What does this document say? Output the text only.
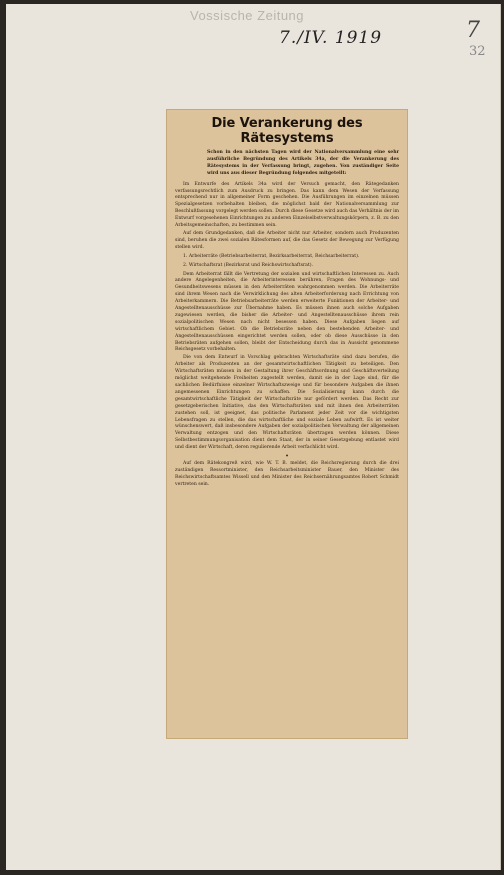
Vossische Zeitung
7./IV. 1919	7
32
Die Verankerung des Rätesystems
Schon in den nächsten Tagen wird der Nationalversammlung eine sehr ausführliche Begründung des Artikels 34a, der die Verankerung des Rätesystems in der Verfassung bringt, zugehen. Von zuständiger Seite wird uns aus dieser Begründung folgendes mitgeteilt:
Im Entwurfe des Artikels 34a wird der Versuch gemacht, den Rätegedanken verfassungsrechtlich zum Ausdruck zu bringen. Das kann dem Wesen der Verfassung entsprechend nur in allgemeiner Form geschehen. Die Ausführungen im einzelnen müssen Spezialgesetzen vorbehalten bleiben, die möglichst bald der Nationalversammlung zur Beschlußfassung vorgelegt werden sollen. Durch diese Gesetze wird auch das Verhältnis der im Entwurf vorgesehenen Einrichtungen zu anderen Einzelselbstverwaltungskörpern, z. B. zu den Arbeitsgemeinschaften, zu bestimmen sein.
Auf dem Grundgedanken, daß die Arbeiter nicht nur Arbeiter, sondern auch Produzenten sind, beruhen die zwei sozialen Rätesformen auf, die das Gesetz der Bewegung zur Verfügung stellen wird.
1. Arbeiterräte (Betriebsarbeiterrat, Bezirksarbeiterrat, Reichsarbeiterrat).
2. Wirtschaftsrat (Bezirksrat und Reichswirtschaftsrat).
Dem Arbeiterrat fällt die Vertretung der sozialen und wirtschaftlichen Interessen zu. Auch andere Angelegenheiten, die Arbeiterinteressen berühren, Fragen des Wohnungs- und Gesundheitswesens müssen in den Arbeiterräten wahrgenommen werden. Die Arbeiterräte sind ihrem Wesen nach die Verwirklichung des alten Arbeiterforderung nach Errichtung von Arbeiterkammern. Die Betriebsarbeiterräte werden erweiterte Funktionen der Arbeiter- und Angestelltenausschüsse zur Übernahme haben. Es müssen ihnen auch solche Aufgaben zugewiesen werden, die bisher die Arbeiter- und Angestelltenausschüsse ihrem rein sozialpolitischen Wesen nach nicht besessen haben. Diese Aufgaben liegen auf wirtschaftlichem Gebiet. Ob die Betriebsräte neben den bestehenden Arbeiter- und Angestelltenausschüssen eingerichtet werden sollen, oder ob diese Ausschüsse in den Betriebsräten aufgehen sollen, bleibt der Entscheidung durch das in Aussicht genommene Reichsgesetz vorbehalten.
Die von dem Entwurf in Vorschlag gebrachten Wirtschaftsräte sind dazu berufen, die Arbeiter als Produzenten an der gesamtwirtschaftlichen Tätigkeit zu beteiligen. Den Wirtschaftsräten müssen in der Gestaltung ihrer Geschäftsordnung und Geschäftsverteilung möglichst weitgehende Freiheiten zugestellt werden, damit sie in der Lage sind, für die sachlichen Bedürfnisse einzelner Wirtschaftszweige und für besondere Aufgaben die ihnen angemessenen Einrichtungen zu schaffen. Die Sozialisierung kann durch die gesamtwirtschaftliche Tätigkeit der Wirtschaftsräte nur gefördert werden. Das Recht zur gesetzgeberischen Initiative, das den Wirtschaftsräten und mit ihnen den Arbeiterräten zustehen soll, ist geeignet, das politische Parlament jeder Zeit vor die wichtigsten Lebensfragen zu stellen, die das wirtschaftliche und soziale Leben aufwirft. Es ist weiter wünschenswert, daß insbesondere Aufgaben der sozialpolitischen Verwaltung der allgemeinen Verwaltung entzogen und den Wirtschaftsräten übertragen werden können. Diese Selbstbestimmungsorganisation dient dem Staat, der in seiner Gesetzgebung entlastet wird und dient der Wirtschaft, deren regulierende Arbeit verfachlicht wird.
•
Auf dem Rätekongreß wird, wie W. T. B. meldet, die Reichsregierung durch die drei zuständigen Ressortminister, den Reichsarbeitsminister Bauer, den Minister des Reichswirtschaftsamtes Wissell und den Minister des Reichsernährungsamtes Robert Schmidt vertreten sein.
